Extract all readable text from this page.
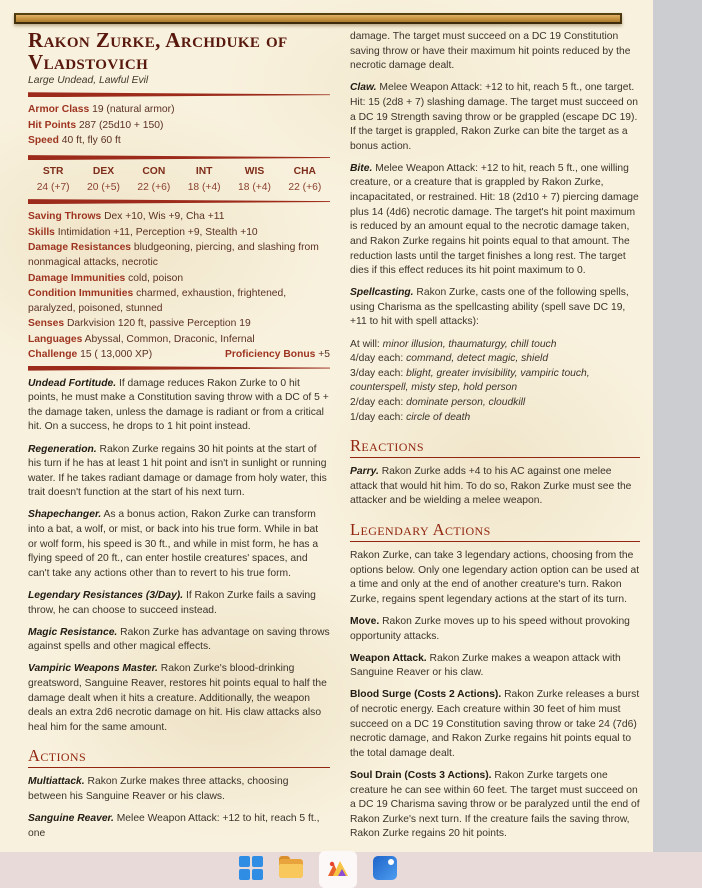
Rakon Zurke, Archduke of Vladstovich
Large Undead, Lawful Evil
Armor Class 19 (natural armor)
Hit Points 287 (25d10 + 150)
Speed 40 ft, fly 60 ft
STR	DEX	CON	INT	WIS	CHA
24 (+7)	20 (+5)	22 (+6)	18 (+4)	18 (+4)	22 (+6)
Saving Throws Dex +10, Wis +9, Cha +11
Skills Intimidation +11, Perception +9, Stealth +10
Damage Resistances bludgeoning, piercing, and slashing from nonmagical attacks, necrotic
Damage Immunities cold, poison
Condition Immunities charmed, exhaustion, frightened, paralyzed, poisoned, stunned
Senses Darkvision 120 ft, passive Perception 19
Languages Abyssal, Common, Draconic, Infernal
Challenge 15 ( 13,000 XP)	Proficiency Bonus +5

Undead Fortitude. If damage reduces Rakon Zurke to 0 hit points, he must make a Constitution saving throw with a DC of 5 + the damage taken, unless the damage is radiant or from a critical hit. On a success, he drops to 1 hit point instead.

Regeneration. Rakon Zurke regains 30 hit points at the start of his turn if he has at least 1 hit point and isn't in sunlight or running water. If he takes radiant damage or damage from holy water, this trait doesn't function at the start of his next turn.

Shapechanger. As a bonus action, Rakon Zurke can transform into a bat, a wolf, or mist, or back into his true form. While in bat or wolf form, his speed is 30 ft., and while in mist form, he has a flying speed of 20 ft., can enter hostile creatures' spaces, and can't take any actions other than to revert to his true form.

Legendary Resistances (3/Day). If Rakon Zurke fails a saving throw, he can choose to succeed instead.

Magic Resistance. Rakon Zurke has advantage on saving throws against spells and other magical effects.

Vampiric Weapons Master. Rakon Zurke's blood-drinking greatsword, Sanguine Reaver, restores hit points equal to half the damage dealt when it hits a creature. Additionally, the weapon deals an extra 2d6 necrotic damage on hit. His claw attacks also heal him for the same amount.

Actions

Multiattack. Rakon Zurke makes three attacks, choosing between his Sanguine Reaver or his claws.

Sanguine Reaver. Melee Weapon Attack: +12 to hit, reach 5 ft., one

damage. The target must succeed on a DC 19 Constitution saving throw or have their maximum hit points reduced by the necrotic damage dealt.

Claw. Melee Weapon Attack: +12 to hit, reach 5 ft., one target. Hit: 15 (2d8 + 7) slashing damage. The target must succeed on a DC 19 Strength saving throw or be grappled (escape DC 19). If the target is grappled, Rakon Zurke can bite the target as a bonus action.

Bite. Melee Weapon Attack: +12 to hit, reach 5 ft., one willing creature, or a creature that is grappled by Rakon Zurke, incapacitated, or restrained. Hit: 18 (2d10 + 7) piercing damage plus 14 (4d6) necrotic damage. The target's hit point maximum is reduced by an amount equal to the necrotic damage taken, and Rakon Zurke regains hit points equal to that amount. The reduction lasts until the target finishes a long rest. The target dies if this effect reduces its hit point maximum to 0.

Spellcasting. Rakon Zurke, casts one of the following spells, using Charisma as the spellcasting ability (spell save DC 19, +11 to hit with spell attacks):

At will: minor illusion, thaumaturgy, chill touch
4/day each: command, detect magic, shield
3/day each: blight, greater invisibility, vampiric touch, counterspell, misty step, hold person
2/day each: dominate person, cloudkill
1/day each: circle of death
Reactions

Parry. Rakon Zurke adds +4 to his AC against one melee attack that would hit him. To do so, Rakon Zurke must see the attacker and be wielding a melee weapon.

Legendary Actions

Rakon Zurke, can take 3 legendary actions, choosing from the options below. Only one legendary action option can be used at a time and only at the end of another creature's turn. Rakon Zurke, regains spent legendary actions at the start of its turn.

Move. Rakon Zurke moves up to his speed without provoking opportunity attacks.

Weapon Attack. Rakon Zurke makes a weapon attack with Sanguine Reaver or his claw.

Blood Surge (Costs 2 Actions). Rakon Zurke releases a burst of necrotic energy. Each creature within 30 feet of him must succeed on a DC 19 Constitution saving throw or take 24 (7d6) necrotic damage, and Rakon Zurke regains hit points equal to the total damage dealt.

Soul Drain (Costs 3 Actions). Rakon Zurke targets one creature he can see within 60 feet. The target must succeed on a DC 19 Charisma saving throw or be paralyzed until the end of Rakon Zurke's next turn. If the creature fails the saving throw, Rakon Zurke regains 20 hit points.
